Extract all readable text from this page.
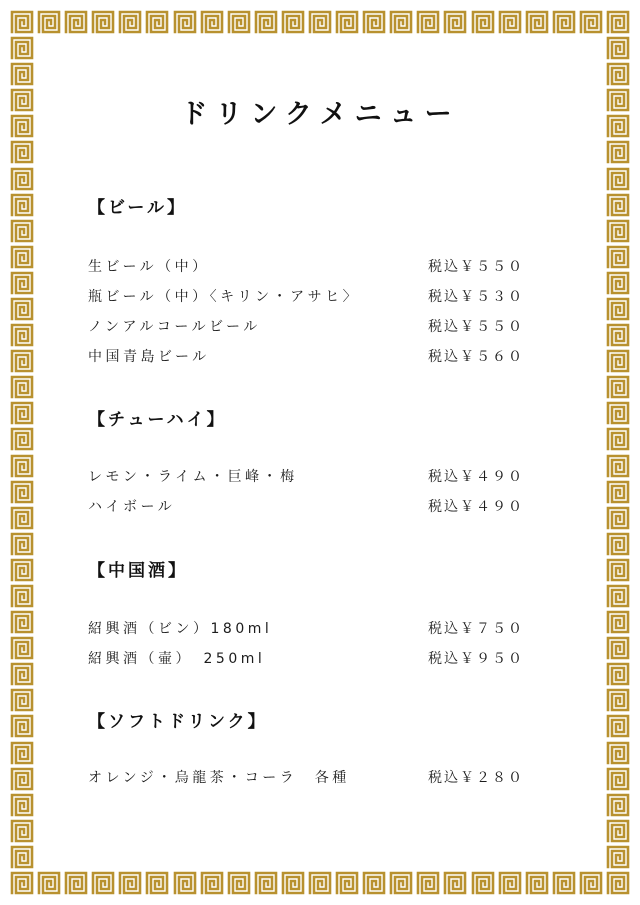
ドリンクメニュー
【ビール】
生ビール（中）	税込￥５５０
瓶ビール（中）〈キリン・アサヒ〉	税込￥５３０
ノンアルコールビール	税込￥５５０
中国青島ビール	税込￥５６０
【チューハイ】
レモン・ライム・巨峰・梅	税込￥４９０
ハイボール	税込￥４９０
【中国酒】
紹興酒（ビン）180ml	税込￥７５０
紹興酒（壷）　250ml	税込￥９５０
【ソフトドリンク】
オレンジ・烏龍茶・コーラ　各種	税込￥２８０
